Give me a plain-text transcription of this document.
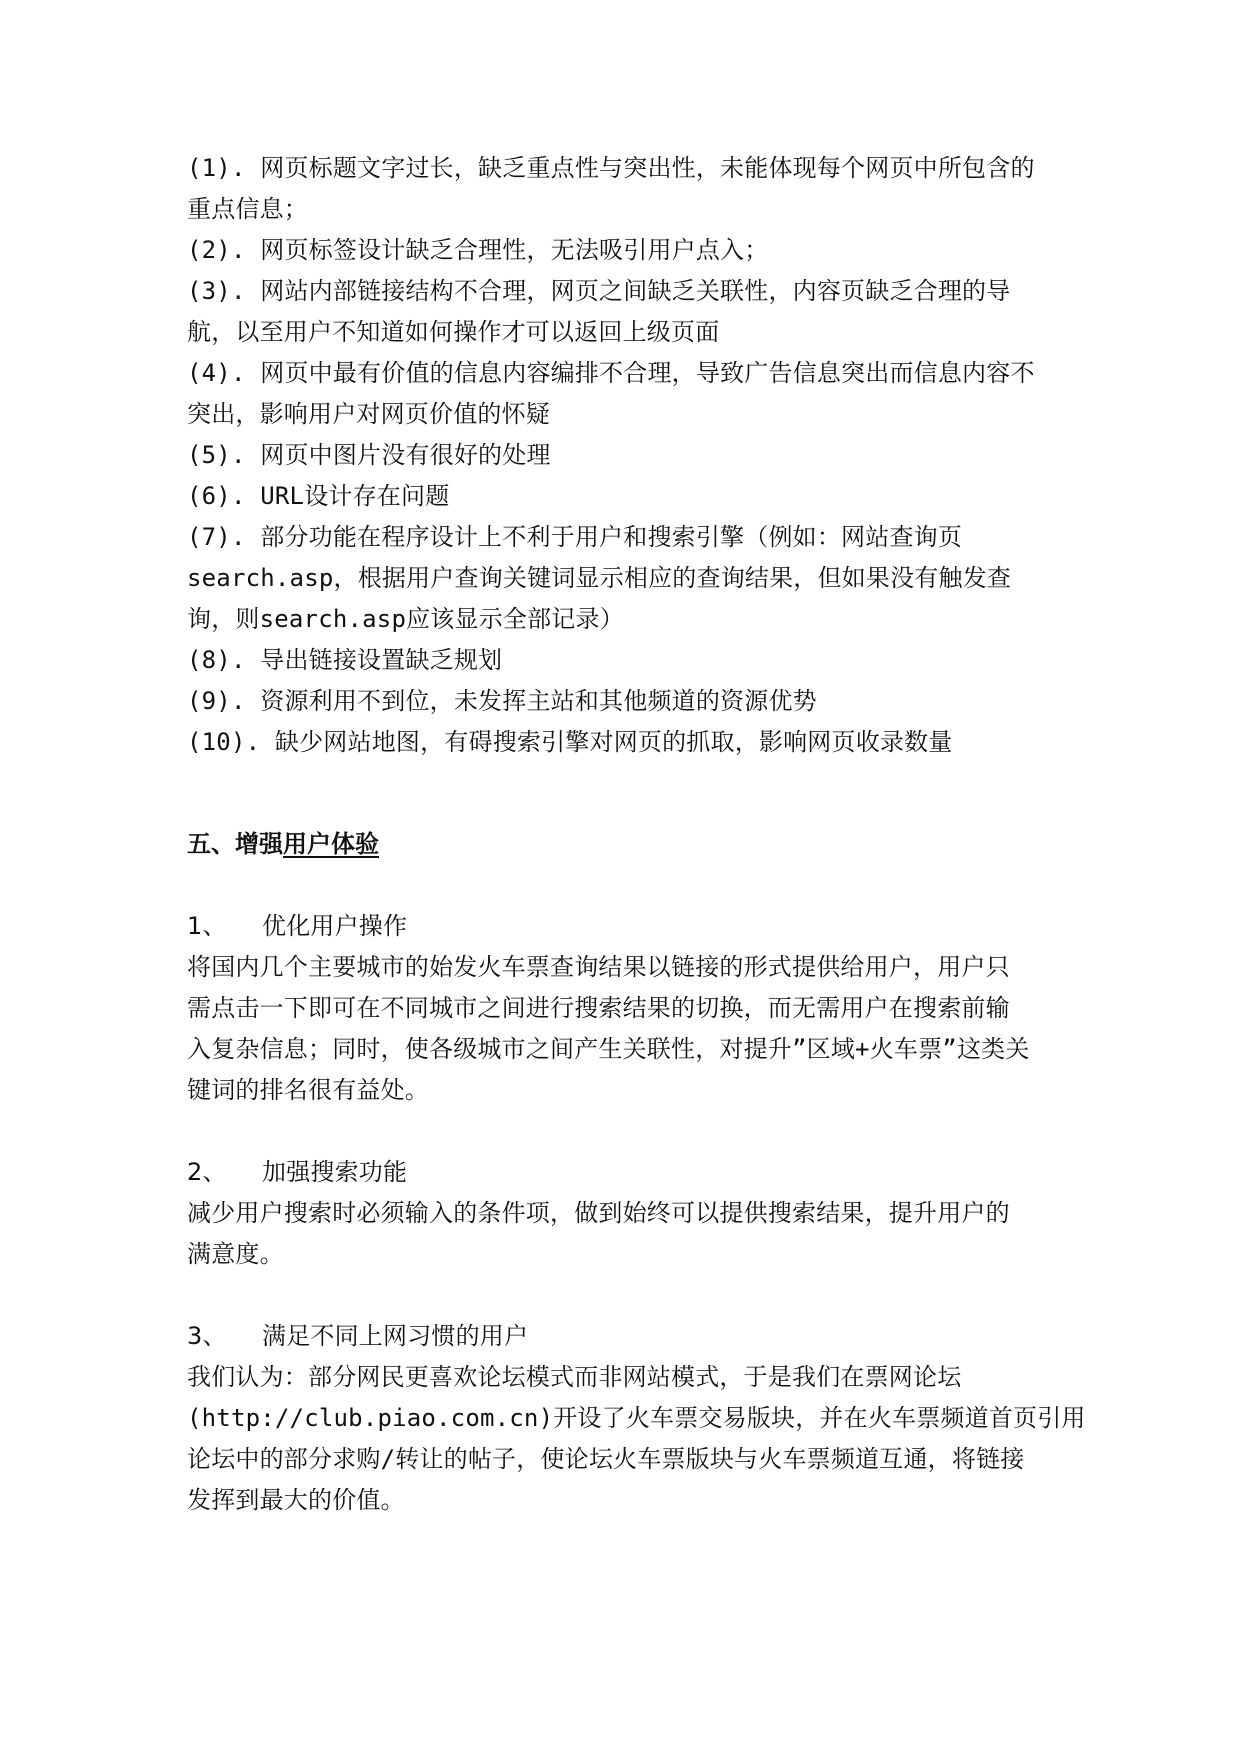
(1). 网页标题文字过长，缺乏重点性与突出性，未能体现每个网页中所包含的
重点信息；
(2). 网页标签设计缺乏合理性，无法吸引用户点入；
(3). 网站内部链接结构不合理，网页之间缺乏关联性，内容页缺乏合理的导
航，以至用户不知道如何操作才可以返回上级页面
(4). 网页中最有价值的信息内容编排不合理，导致广告信息突出而信息内容不
突出，影响用户对网页价值的怀疑
(5). 网页中图片没有很好的处理
(6). URL设计存在问题
(7). 部分功能在程序设计上不利于用户和搜索引擎（例如：网站查询页
search.asp，根据用户查询关键词显示相应的查询结果，但如果没有触发查
询，则search.asp应该显示全部记录）
(8). 导出链接设置缺乏规划
(9). 资源利用不到位，未发挥主站和其他频道的资源优势
(10). 缺少网站地图，有碍搜索引擎对网页的抓取，影响网页收录数量
五、增强用户体验
1、 优化用户操作
将国内几个主要城市的始发火车票查询结果以链接的形式提供给用户，用户只
需点击一下即可在不同城市之间进行搜索结果的切换，而无需用户在搜索前输
入复杂信息；同时，使各级城市之间产生关联性，对提升”区域+火车票”这类关
键词的排名很有益处。
2、 加强搜索功能
减少用户搜索时必须输入的条件项，做到始终可以提供搜索结果，提升用户的
满意度。
3、 满足不同上网习惯的用户
我们认为：部分网民更喜欢论坛模式而非网站模式，于是我们在票网论坛
(http://club.piao.com.cn)开设了火车票交易版块，并在火车票频道首页引用
论坛中的部分求购/转让的帖子，使论坛火车票版块与火车票频道互通，将链接
发挥到最大的价值。
